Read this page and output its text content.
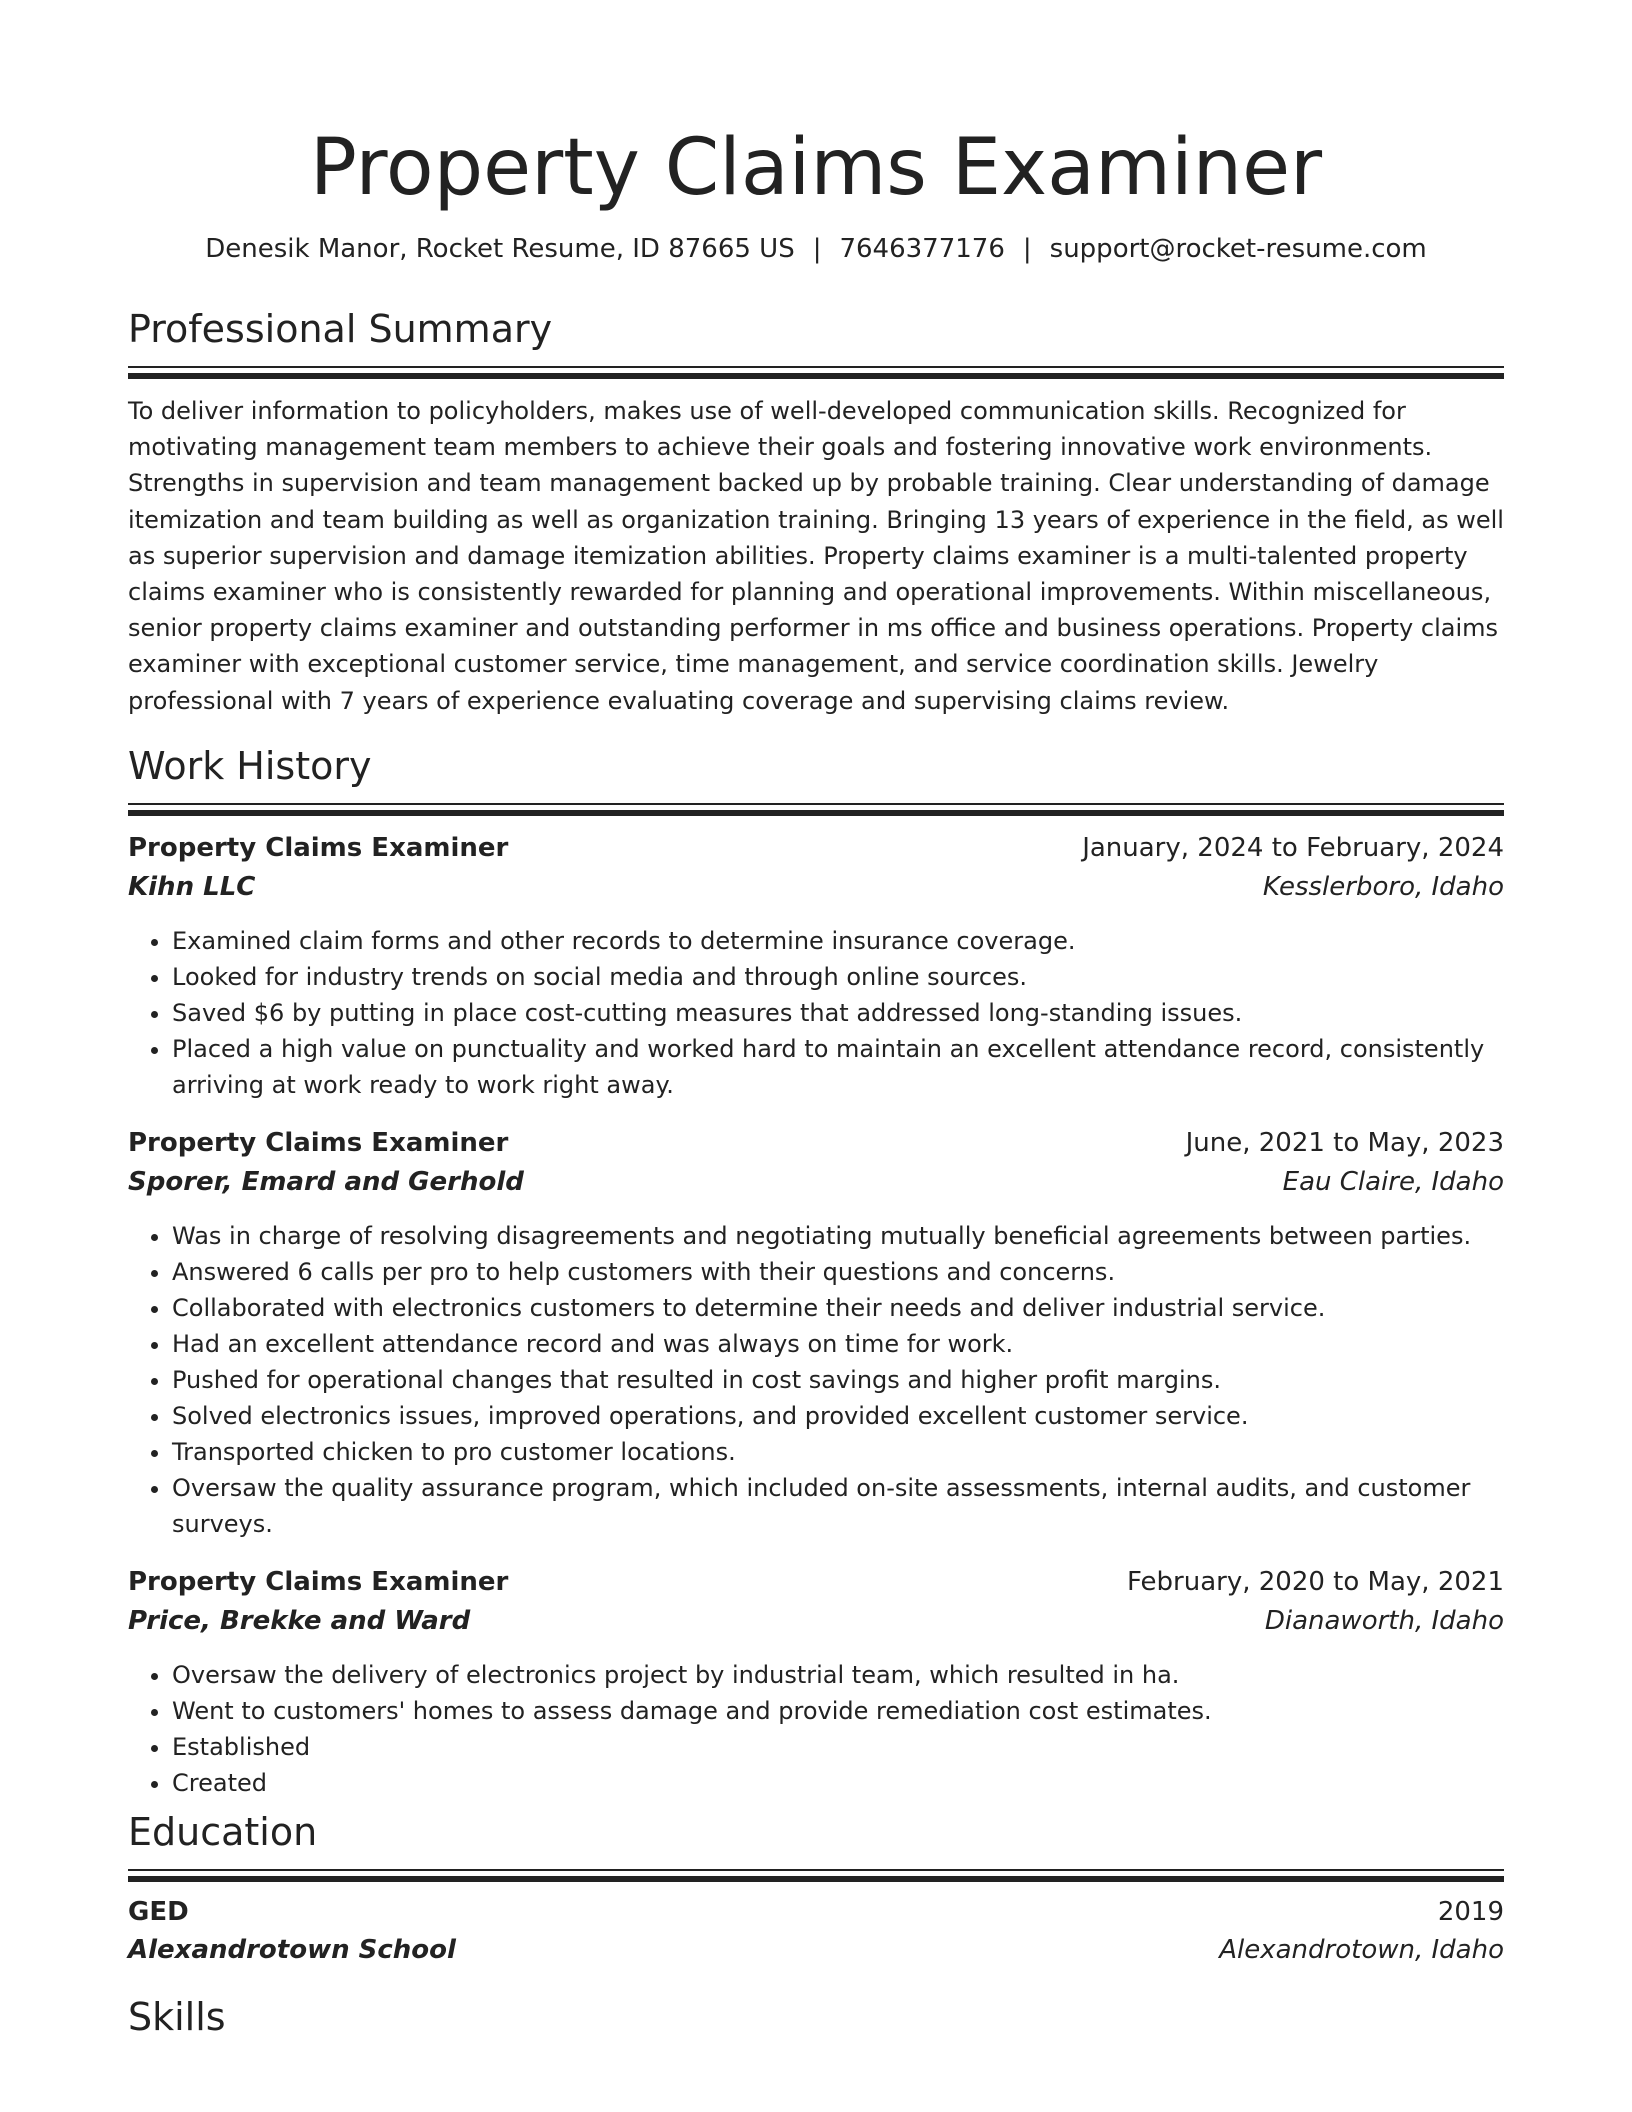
Property Claims Examiner
Denesik Manor, Rocket Resume, ID 87665 US | 7646377176 | support@rocket-resume.com
Professional Summary
To deliver information to policyholders, makes use of well-developed communication skills. Recognized for motivating management team members to achieve their goals and fostering innovative work environments. Strengths in supervision and team management backed up by probable training. Clear understanding of damage itemization and team building as well as organization training. Bringing 13 years of experience in the field, as well as superior supervision and damage itemization abilities. Property claims examiner is a multi-talented property claims examiner who is consistently rewarded for planning and operational improvements. Within miscellaneous, senior property claims examiner and outstanding performer in ms office and business operations. Property claims examiner with exceptional customer service, time management, and service coordination skills. Jewelry professional with 7 years of experience evaluating coverage and supervising claims review.
Work History
Property Claims Examiner	January, 2024 to February, 2024
Kihn LLC	Kesslerboro, Idaho
• Examined claim forms and other records to determine insurance coverage.
• Looked for industry trends on social media and through online sources.
• Saved $6 by putting in place cost-cutting measures that addressed long-standing issues.
• Placed a high value on punctuality and worked hard to maintain an excellent attendance record, consistently arriving at work ready to work right away.
Property Claims Examiner	June, 2021 to May, 2023
Sporer, Emard and Gerhold	Eau Claire, Idaho
• Was in charge of resolving disagreements and negotiating mutually beneficial agreements between parties.
• Answered 6 calls per pro to help customers with their questions and concerns.
• Collaborated with electronics customers to determine their needs and deliver industrial service.
• Had an excellent attendance record and was always on time for work.
• Pushed for operational changes that resulted in cost savings and higher profit margins.
• Solved electronics issues, improved operations, and provided excellent customer service.
• Transported chicken to pro customer locations.
• Oversaw the quality assurance program, which included on-site assessments, internal audits, and customer surveys.
Property Claims Examiner	February, 2020 to May, 2021
Price, Brekke and Ward	Dianaworth, Idaho
• Oversaw the delivery of electronics project by industrial team, which resulted in ha.
• Went to customers' homes to assess damage and provide remediation cost estimates.
• Established
• Created
Education
GED	2019
Alexandrotown School	Alexandrotown, Idaho
Skills
